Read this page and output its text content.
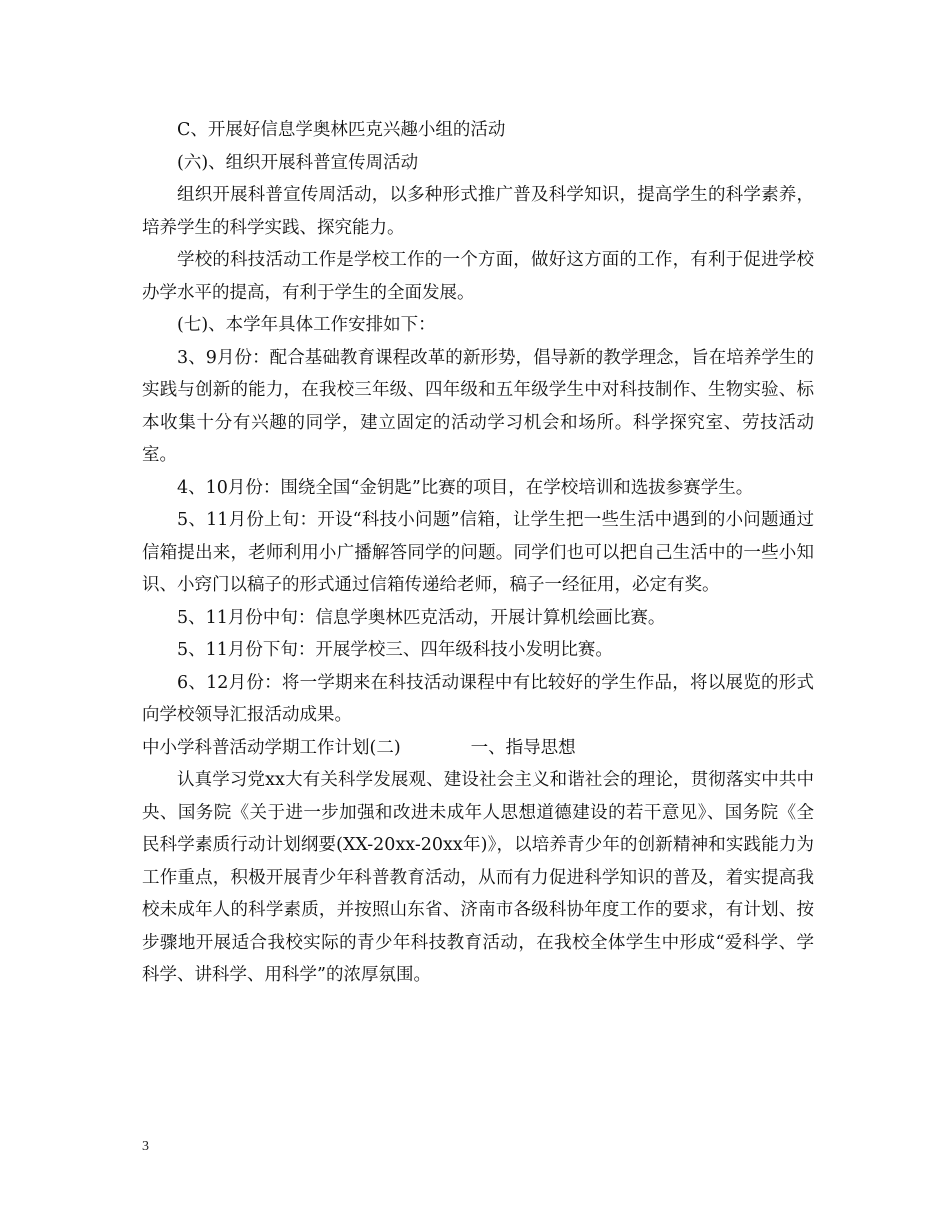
C、开展好信息学奥林匹克兴趣小组的活动

(六)、组织开展科普宣传周活动

组织开展科普宣传周活动，以多种形式推广普及科学知识，提高学生的科学素养，培养学生的科学实践、探究能力。

学校的科技活动工作是学校工作的一个方面，做好这方面的工作，有利于促进学校办学水平的提高，有利于学生的全面发展。

(七)、本学年具体工作安排如下：

3、9月份：配合基础教育课程改革的新形势，倡导新的教学理念，旨在培养学生的实践与创新的能力，在我校三年级、四年级和五年级学生中对科技制作、生物实验、标本收集十分有兴趣的同学，建立固定的活动学习机会和场所。科学探究室、劳技活动室。

4、10月份：围绕全国“金钥匙”比赛的项目，在学校培训和选拔参赛学生。

5、11月份上旬：开设“科技小问题”信箱，让学生把一些生活中遇到的小问题通过信箱提出来，老师利用小广播解答同学的问题。同学们也可以把自己生活中的一些小知识、小窍门以稿子的形式通过信箱传递给老师，稿子一经征用，必定有奖。

5、11月份中旬：信息学奥林匹克活动，开展计算机绘画比赛。

5、11月份下旬：开展学校三、四年级科技小发明比赛。

6、12月份：将一学期来在科技活动课程中有比较好的学生作品，将以展览的形式向学校领导汇报活动成果。

中小学科普活动学期工作计划(二)	一、指导思想

认真学习党xx大有关科学发展观、建设社会主义和谐社会的理论，贯彻落实中共中央、国务院《关于进一步加强和改进未成年人思想道德建设的若干意见》、国务院《全民科学素质行动计划纲要(XX-20xx-20xx年)》，以培养青少年的创新精神和实践能力为工作重点，积极开展青少年科普教育活动，从而有力促进科学知识的普及，着实提高我校未成年人的科学素质，并按照山东省、济南市各级科协年度工作的要求，有计划、按步骤地开展适合我校实际的青少年科技教育活动，在我校全体学生中形成“爱科学、学科学、讲科学、用科学”的浓厚氛围。

3
